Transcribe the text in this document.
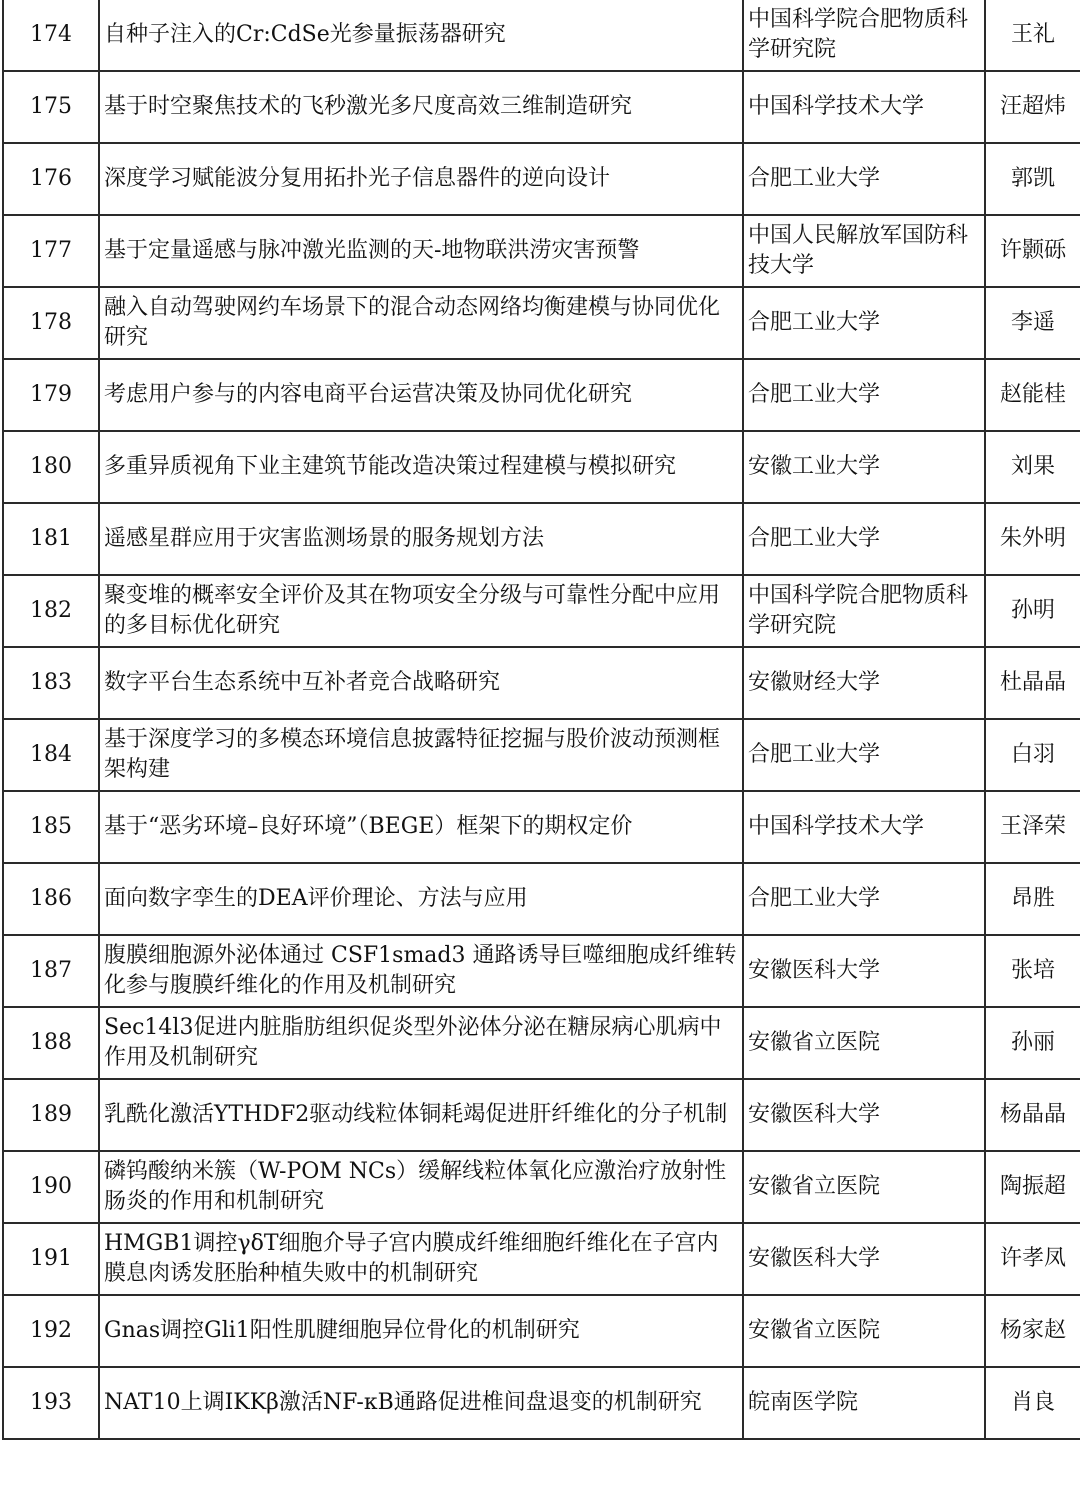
174	自种子注入的Cr:CdSe光参量振荡器研究	中国科学院合肥物质科学研究院	王礼
175	基于时空聚焦技术的飞秒激光多尺度高效三维制造研究	中国科学技术大学	汪超炜
176	深度学习赋能波分复用拓扑光子信息器件的逆向设计	合肥工业大学	郭凯
177	基于定量遥感与脉冲激光监测的天-地物联洪涝灾害预警	中国人民解放军国防科技大学	许颢砾
178	融入自动驾驶网约车场景下的混合动态网络均衡建模与协同优化研究	合肥工业大学	李遥
179	考虑用户参与的内容电商平台运营决策及协同优化研究	合肥工业大学	赵能桂
180	多重异质视角下业主建筑节能改造决策过程建模与模拟研究	安徽工业大学	刘果
181	遥感星群应用于灾害监测场景的服务规划方法	合肥工业大学	朱外明
182	聚变堆的概率安全评价及其在物项安全分级与可靠性分配中应用的多目标优化研究	中国科学院合肥物质科学研究院	孙明
183	数字平台生态系统中互补者竞合战略研究	安徽财经大学	杜晶晶
184	基于深度学习的多模态环境信息披露特征挖掘与股价波动预测框架构建	合肥工业大学	白羽
185	基于“恶劣环境–良好环境”（BEGE）框架下的期权定价	中国科学技术大学	王泽荣
186	面向数字孪生的DEA评价理论、方法与应用	合肥工业大学	昂胜
187	腹膜细胞源外泌体通过 CSF1smad3 通路诱导巨噬细胞成纤维转化参与腹膜纤维化的作用及机制研究	安徽医科大学	张培
188	Sec14l3促进内脏脂肪组织促炎型外泌体分泌在糖尿病心肌病中作用及机制研究	安徽省立医院	孙丽
189	乳酰化激活YTHDF2驱动线粒体铜耗竭促进肝纤维化的分子机制	安徽医科大学	杨晶晶
190	磷钨酸纳米簇（W-POM NCs）缓解线粒体氧化应激治疗放射性肠炎的作用和机制研究	安徽省立医院	陶振超
191	HMGB1调控γδT细胞介导子宫内膜成纤维细胞纤维化在子宫内膜息肉诱发胚胎种植失败中的机制研究	安徽医科大学	许孝凤
192	Gnas调控Gli1阳性肌腱细胞异位骨化的机制研究	安徽省立医院	杨家赵
193	NAT10上调IKKβ激活NF-κB通路促进椎间盘退变的机制研究	皖南医学院	肖良
